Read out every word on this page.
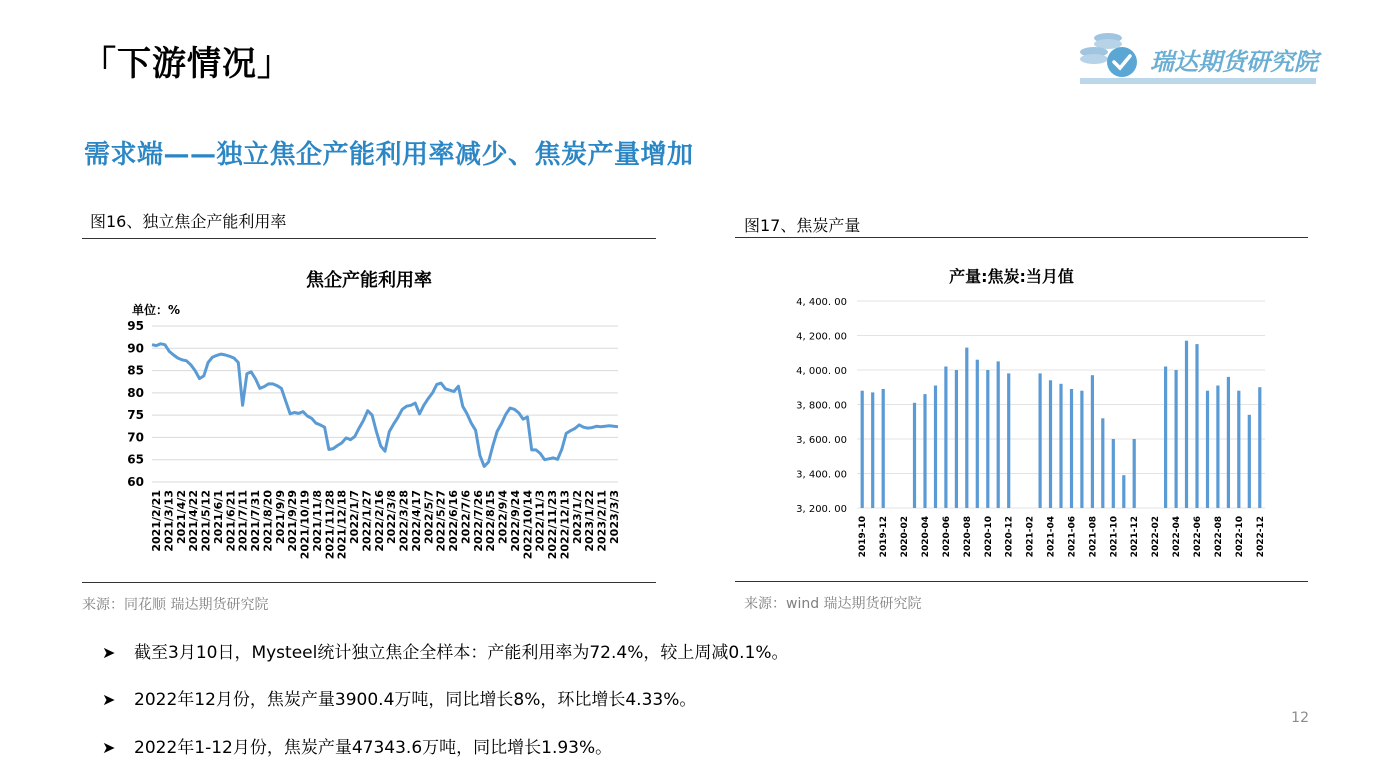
「下游情况」	瑞达期货研究院
需求端——独立焦企产能利用率减少、焦炭产量增加
图16、独立焦企产能利用率
焦企产能利用率
单位：%
60
65
70
75
80
85
90
95
2021/2/21 2021/3/13 2021/4/2 2021/4/22 2021/5/12 2021/6/1 2021/6/21 2021/7/11 2021/7/31 2021/8/20 2021/9/9 2021/9/29 2021/10/19 2021/11/8 2021/11/28 2021/12/18 2022/1/7 2022/1/27 2022/2/16 2022/3/8 2022/3/28 2022/4/17 2022/5/7 2022/5/27 2022/6/16 2022/7/6 2022/7/26 2022/8/15 2022/9/4 2022/9/24 2022/10/14 2022/11/3 2022/11/23 2022/12/13 2023/1/2 2023/1/22 2023/2/11 2023/3/3
来源：同花顺 瑞达期货研究院
图17、焦炭产量
产量:焦炭:当月值
3, 200. 00
3, 400. 00
3, 600. 00
3, 800. 00
4, 000. 00
4, 200. 00
4, 400. 00
2019-10 2019-12 2020-02 2020-04 2020-06 2020-08 2020-10 2020-12 2021-02 2021-04 2021-06 2021-08 2021-10 2021-12 2022-02 2022-04 2022-06 2022-08 2022-10 2022-12
来源：wind 瑞达期货研究院
➤ 截至3月10日，Mysteel统计独立焦企全样本：产能利用率为72.4%，较上周减0.1%。
➤ 2022年12月份，焦炭产量3900.4万吨，同比增长8%，环比增长4.33%。
➤ 2022年1-12月份，焦炭产量47343.6万吨，同比增长1.93%。
12
